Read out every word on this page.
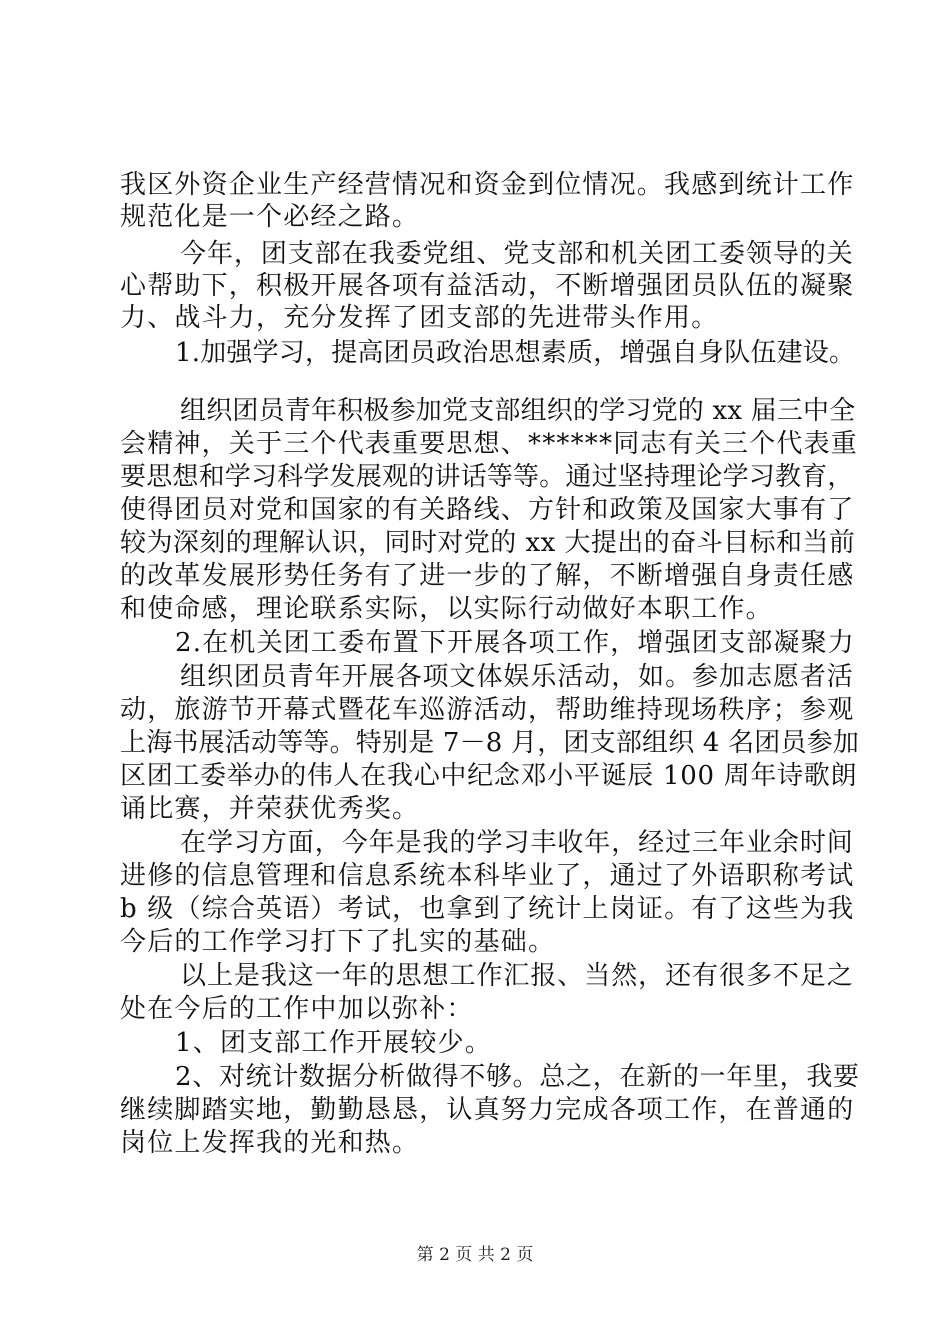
我区外资企业生产经营情况和资金到位情况。我感到统计工作
规范化是一个必经之路。
今年，团支部在我委党组、党支部和机关团工委领导的关
心帮助下，积极开展各项有益活动，不断增强团员队伍的凝聚
力、战斗力，充分发挥了团支部的先进带头作用。
1.加强学习，提高团员政治思想素质，增强自身队伍建设。
组织团员青年积极参加党支部组织的学习党的 xx 届三中全
会精神，关于三个代表重要思想、******同志有关三个代表重
要思想和学习科学发展观的讲话等等。通过坚持理论学习教育，
使得团员对党和国家的有关路线、方针和政策及国家大事有了
较为深刻的理解认识，同时对党的 xx 大提出的奋斗目标和当前
的改革发展形势任务有了进一步的了解，不断增强自身责任感
和使命感，理论联系实际，以实际行动做好本职工作。
2.在机关团工委布置下开展各项工作，增强团支部凝聚力
组织团员青年开展各项文体娱乐活动，如。参加志愿者活
动，旅游节开幕式暨花车巡游活动，帮助维持现场秩序；参观
上海书展活动等等。特别是 7－8 月，团支部组织 4 名团员参加
区团工委举办的伟人在我心中纪念邓小平诞辰 100 周年诗歌朗
诵比赛，并荣获优秀奖。
在学习方面，今年是我的学习丰收年，经过三年业余时间
进修的信息管理和信息系统本科毕业了，通过了外语职称考试
b 级（综合英语）考试，也拿到了统计上岗证。有了这些为我
今后的工作学习打下了扎实的基础。
以上是我这一年的思想工作汇报、当然，还有很多不足之
处在今后的工作中加以弥补：
1、团支部工作开展较少。
2、对统计数据分析做得不够。总之，在新的一年里，我要
继续脚踏实地，勤勤恳恳，认真努力完成各项工作，在普通的
岗位上发挥我的光和热。
第 2 页 共 2 页
